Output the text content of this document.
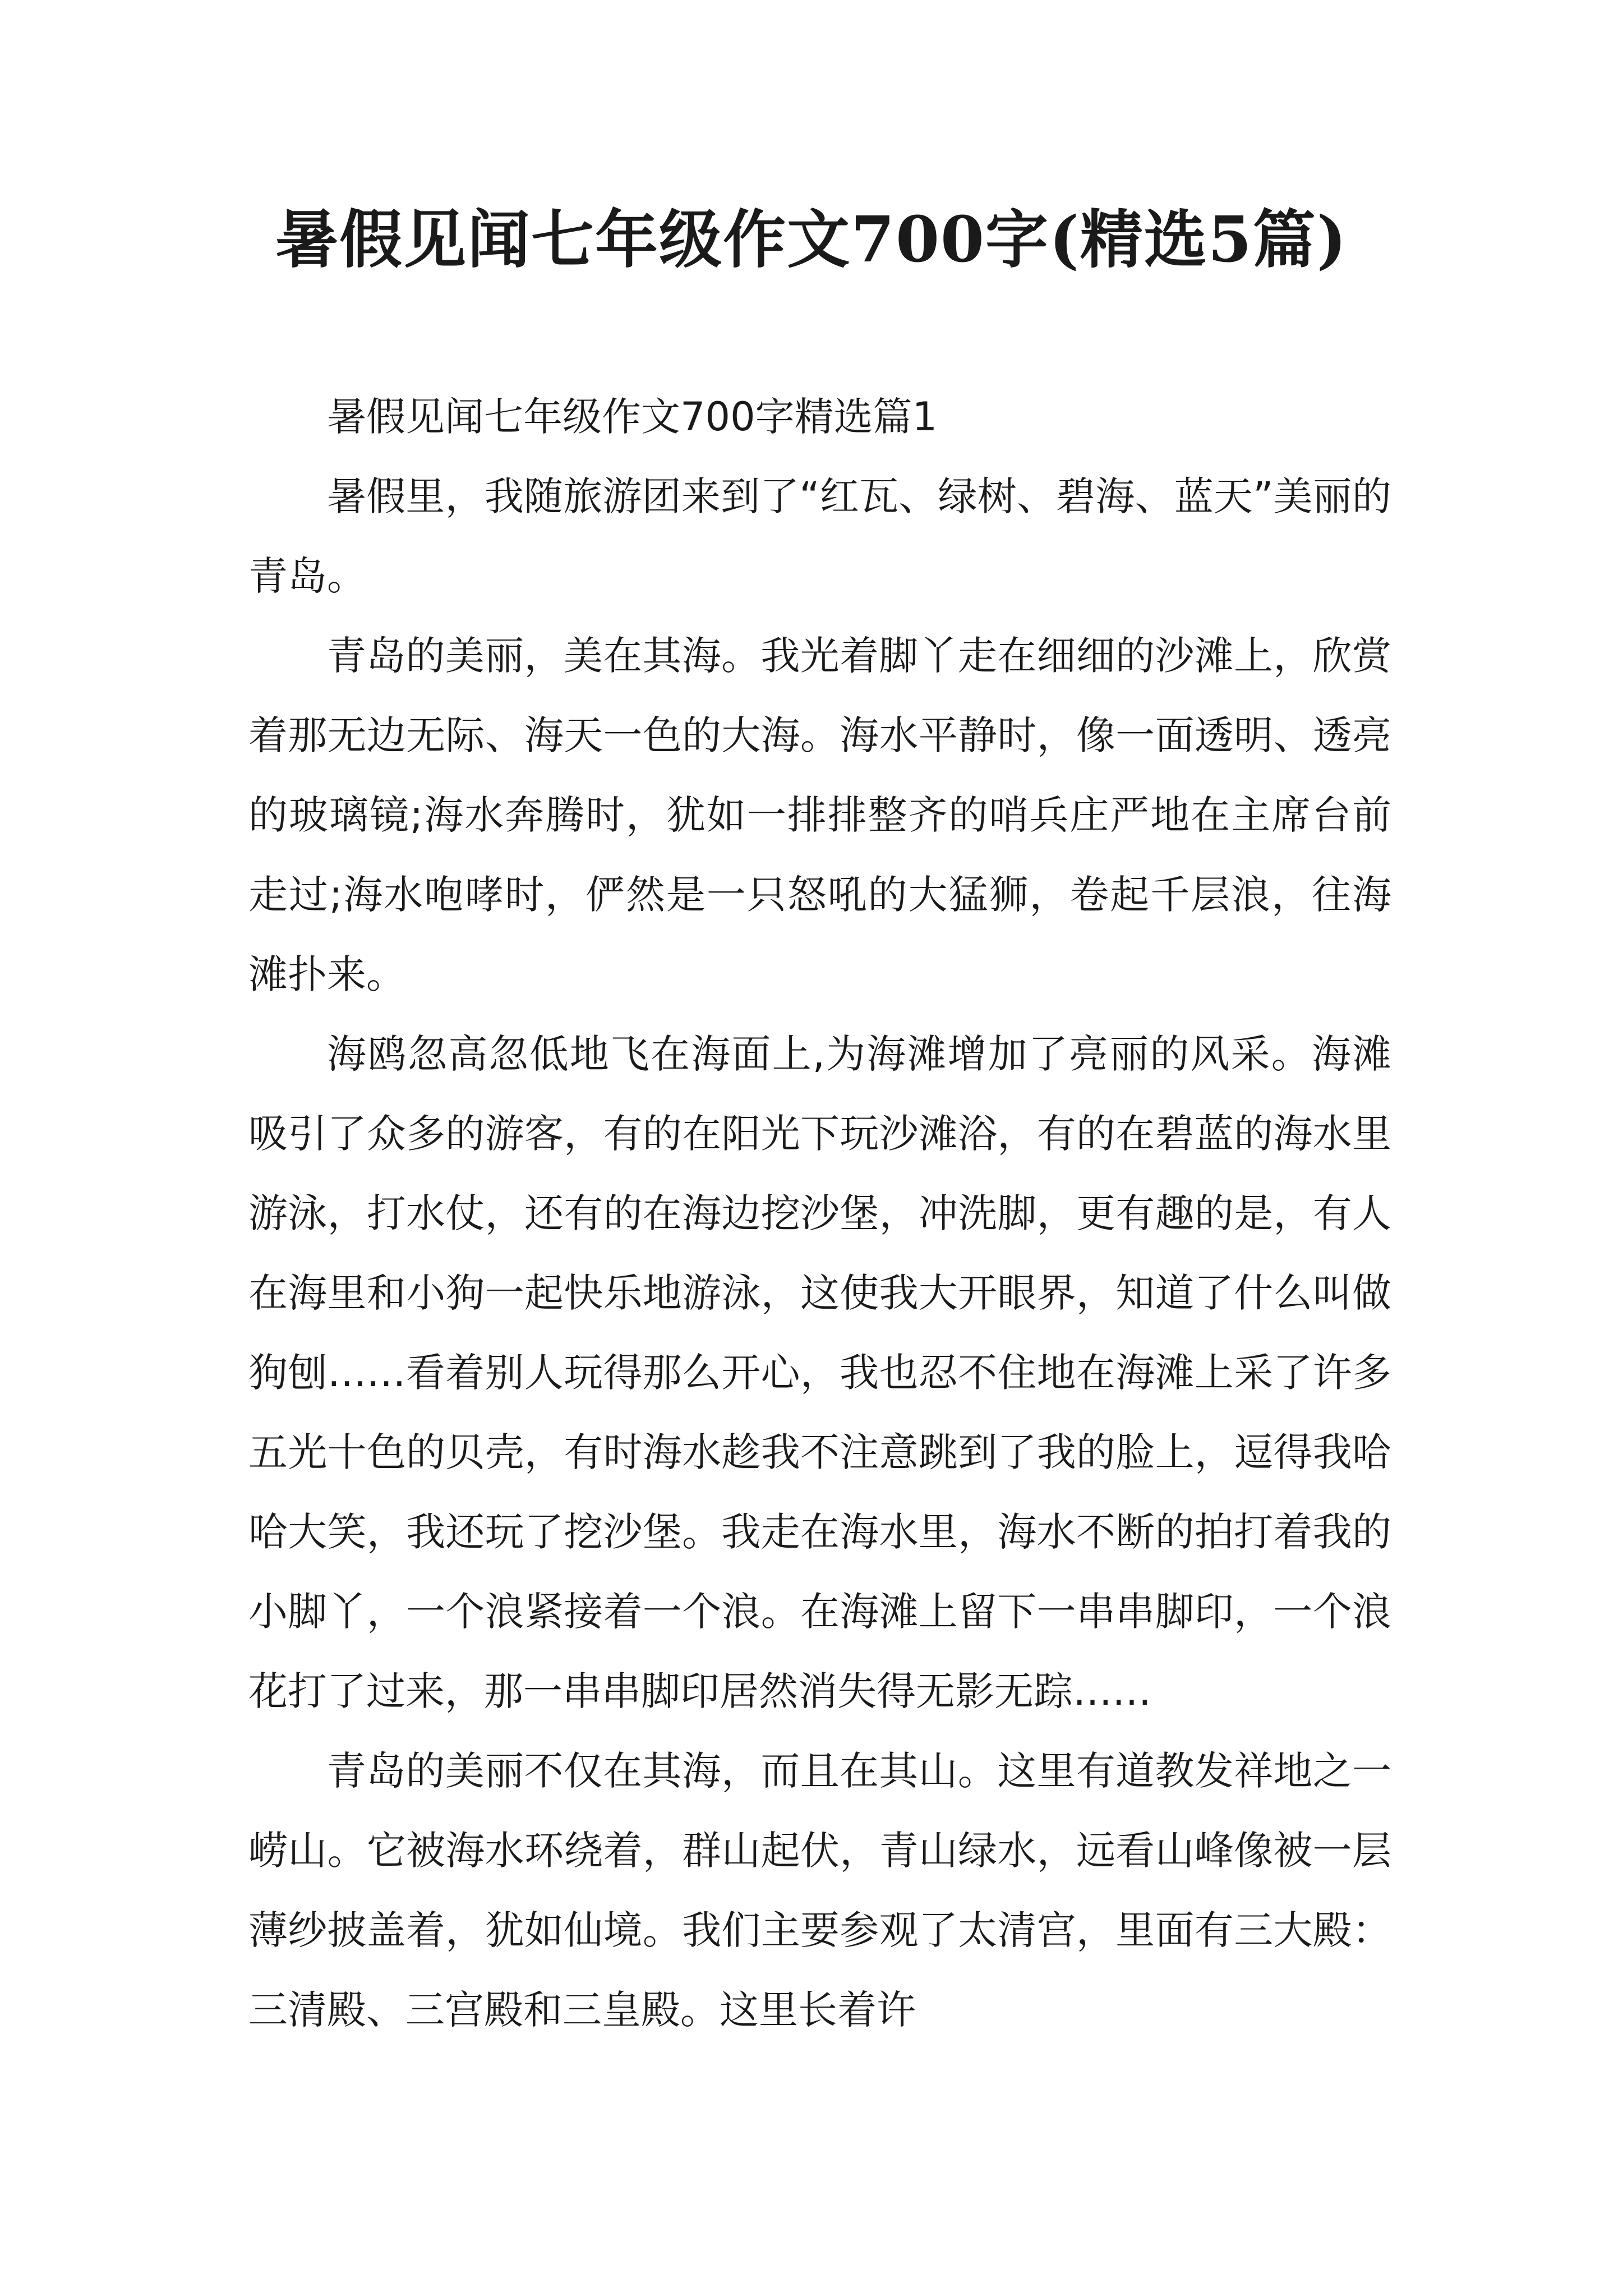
暑假见闻七年级作文700字(精选5篇)

暑假见闻七年级作文700字精选篇1

暑假里，我随旅游团来到了“红瓦、绿树、碧海、蓝天”美丽的青岛。

青岛的美丽，美在其海。我光着脚丫走在细细的沙滩上，欣赏着那无边无际、海天一色的大海。海水平静时，像一面透明、透亮的玻璃镜;海水奔腾时，犹如一排排整齐的哨兵庄严地在主席台前走过;海水咆哮时，俨然是一只怒吼的大猛狮，卷起千层浪，往海滩扑来。

海鸥忽高忽低地飞在海面上,为海滩增加了亮丽的风采。海滩吸引了众多的游客，有的在阳光下玩沙滩浴，有的在碧蓝的海水里游泳，打水仗，还有的在海边挖沙堡，冲洗脚，更有趣的是，有人在海里和小狗一起快乐地游泳，这使我大开眼界，知道了什么叫做狗刨……看着别人玩得那么开心，我也忍不住地在海滩上采了许多五光十色的贝壳，有时海水趁我不注意跳到了我的脸上，逗得我哈哈大笑，我还玩了挖沙堡。我走在海水里，海水不断的拍打着我的小脚丫，一个浪紧接着一个浪。在海滩上留下一串串脚印，一个浪花打了过来，那一串串脚印居然消失得无影无踪……

青岛的美丽不仅在其海，而且在其山。这里有道教发祥地之一崂山。它被海水环绕着，群山起伏，青山绿水，远看山峰像被一层薄纱披盖着，犹如仙境。我们主要参观了太清宫，里面有三大殿：三清殿、三宫殿和三皇殿。这里长着许
